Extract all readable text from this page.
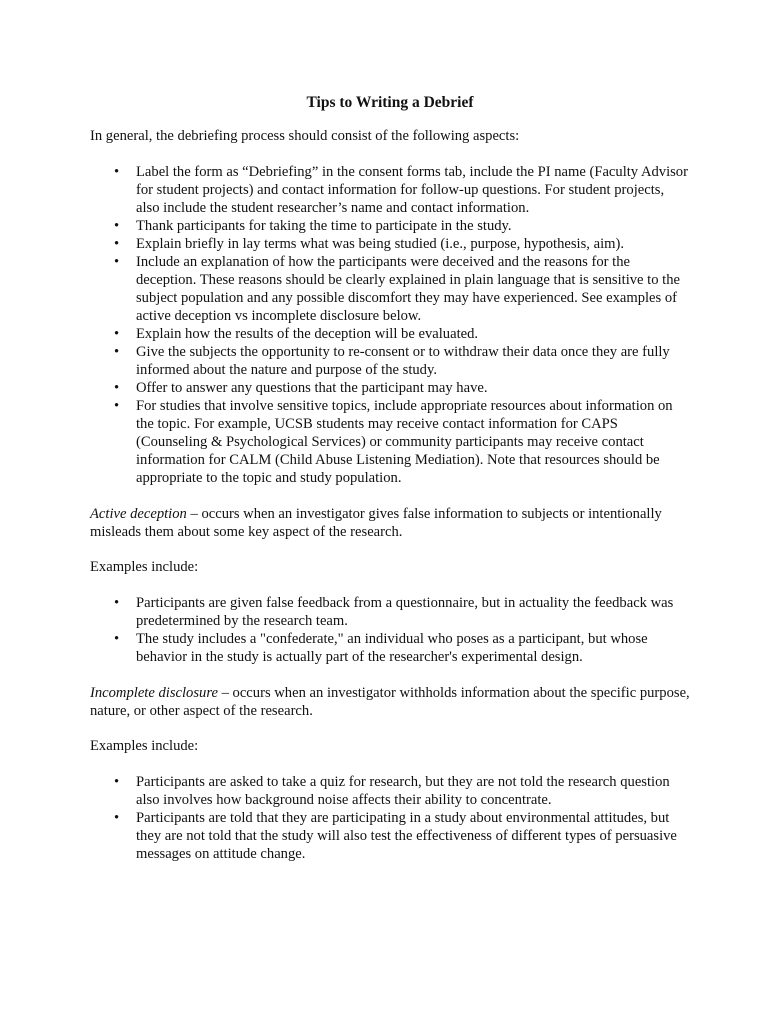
Tips to Writing a Debrief

In general, the debriefing process should consist of the following aspects:

• Label the form as “Debriefing” in the consent forms tab, include the PI name (Faculty Advisor for student projects) and contact information for follow-up questions. For student projects, also include the student researcher’s name and contact information.
• Thank participants for taking the time to participate in the study.
• Explain briefly in lay terms what was being studied (i.e., purpose, hypothesis, aim).
• Include an explanation of how the participants were deceived and the reasons for the deception. These reasons should be clearly explained in plain language that is sensitive to the subject population and any possible discomfort they may have experienced. See examples of active deception vs incomplete disclosure below.
• Explain how the results of the deception will be evaluated.
• Give the subjects the opportunity to re-consent or to withdraw their data once they are fully informed about the nature and purpose of the study.
• Offer to answer any questions that the participant may have.
• For studies that involve sensitive topics, include appropriate resources about information on the topic. For example, UCSB students may receive contact information for CAPS (Counseling & Psychological Services) or community participants may receive contact information for CALM (Child Abuse Listening Mediation). Note that resources should be appropriate to the topic and study population.

Active deception – occurs when an investigator gives false information to subjects or intentionally misleads them about some key aspect of the research.

Examples include:

• Participants are given false feedback from a questionnaire, but in actuality the feedback was predetermined by the research team.
• The study includes a "confederate," an individual who poses as a participant, but whose behavior in the study is actually part of the researcher's experimental design.

Incomplete disclosure – occurs when an investigator withholds information about the specific purpose, nature, or other aspect of the research.

Examples include:

• Participants are asked to take a quiz for research, but they are not told the research question also involves how background noise affects their ability to concentrate.
• Participants are told that they are participating in a study about environmental attitudes, but they are not told that the study will also test the effectiveness of different types of persuasive messages on attitude change.
